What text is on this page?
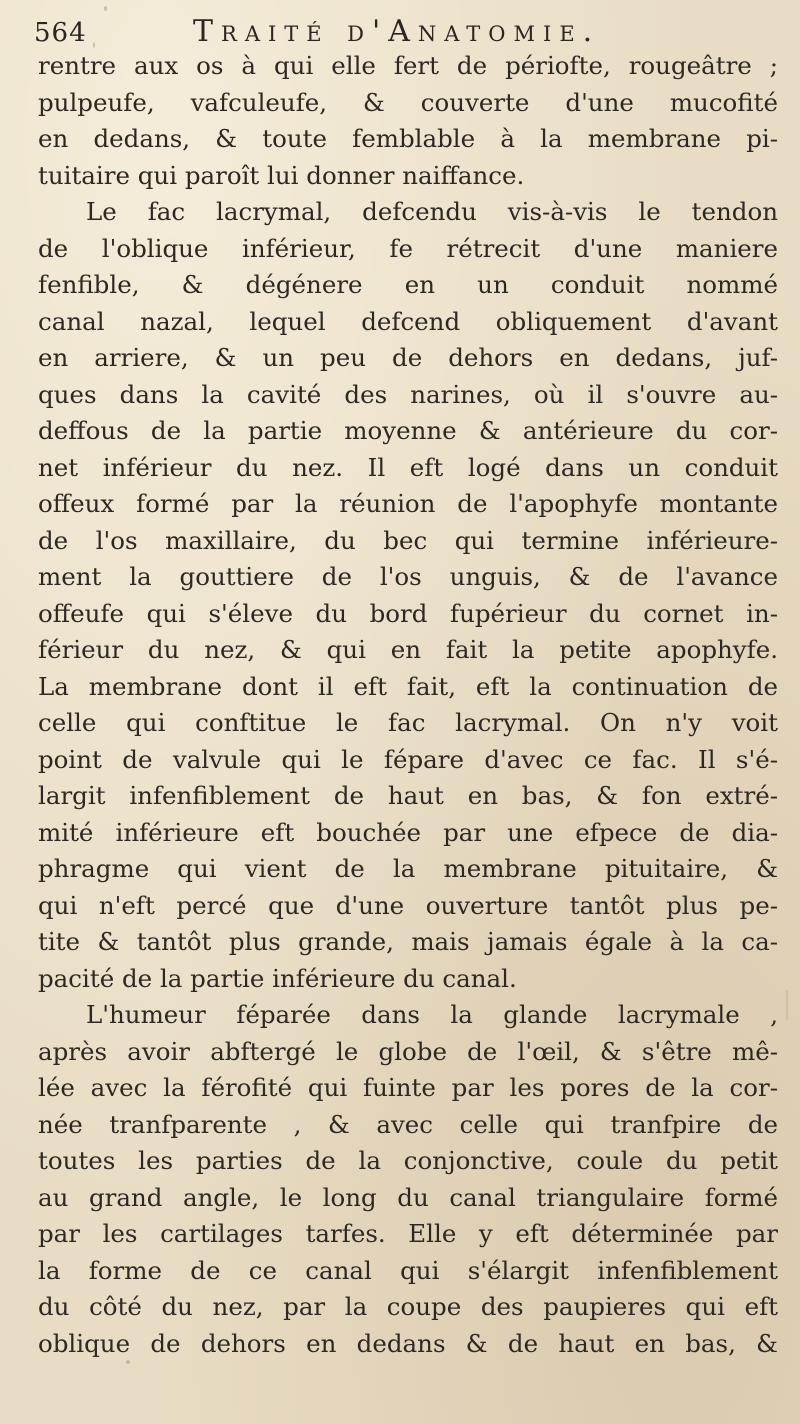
564	Traité d'Anatomie.
rentre aux os à qui elle fert de périofte, rougeâtre ;
pulpeufe, vafculeufe, & couverte d'une mucofité
en dedans, & toute femblable à la membrane pi-
tuitaire qui paroît lui donner naiffance.
Le fac lacrymal, defcendu vis-à-vis le tendon
de l'oblique inférieur, fe rétrecit d'une maniere
fenfible, & dégénere en un conduit nommé
canal nazal, lequel defcend obliquement d'avant
en arriere, & un peu de dehors en dedans, juf-
ques dans la cavité des narines, où il s'ouvre au-
deffous de la partie moyenne & antérieure du cor-
net inférieur du nez. Il eft logé dans un conduit
offeux formé par la réunion de l'apophyfe montante
de l'os maxillaire, du bec qui termine inférieure-
ment la gouttiere de l'os unguis, & de l'avance
offeufe qui s'éleve du bord fupérieur du cornet in-
férieur du nez, & qui en fait la petite apophyfe.
La membrane dont il eft fait, eft la continuation de
celle qui conftitue le fac lacrymal. On n'y voit
point de valvule qui le fépare d'avec ce fac. Il s'é-
largit infenfiblement de haut en bas, & fon extré-
mité inférieure eft bouchée par une efpece de dia-
phragme qui vient de la membrane pituitaire, &
qui n'eft percé que d'une ouverture tantôt plus pe-
tite & tantôt plus grande, mais jamais égale à la ca-
pacité de la partie inférieure du canal.
L'humeur féparée dans la glande lacrymale ,
après avoir abftergé le globe de l'œil, & s'être mê-
lée avec la férofité qui fuinte par les pores de la cor-
née tranfparente , & avec celle qui tranfpire de
toutes les parties de la conjonctive, coule du petit
au grand angle, le long du canal triangulaire formé
par les cartilages tarfes. Elle y eft déterminée par
la forme de ce canal qui s'élargit infenfiblement
du côté du nez, par la coupe des paupieres qui eft
oblique de dehors en dedans & de haut en bas, &
